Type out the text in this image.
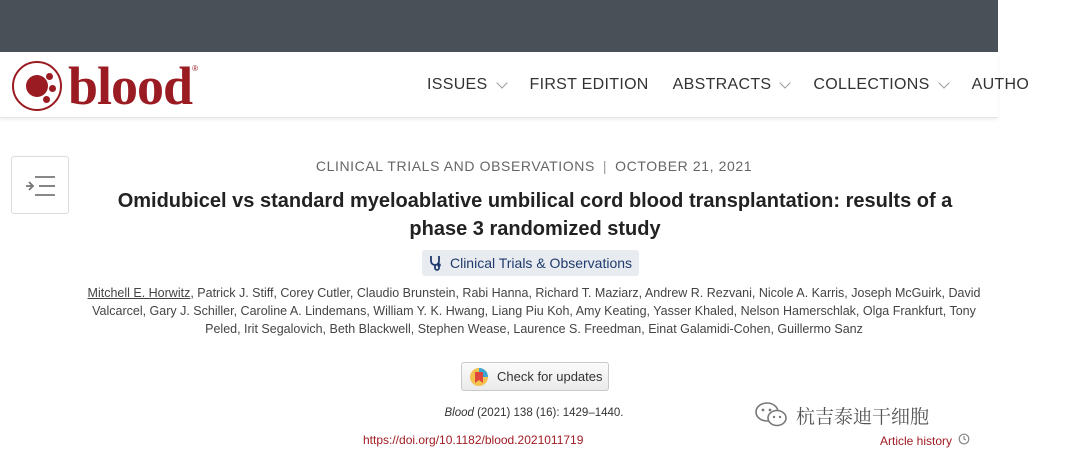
blood ®
ISSUES	FIRST EDITION ABSTRACTS	COLLECTIONS	AUTHO
CLINICAL TRIALS AND OBSERVATIONS | OCTOBER 21, 2021
Omidubicel vs standard myeloablative umbilical cord blood transplantation: results of a phase 3 randomized study
Clinical Trials & Observations
Mitchell E. Horwitz, Patrick J. Stiff, Corey Cutler, Claudio Brunstein, Rabi Hanna, Richard T. Maziarz, Andrew R. Rezvani, Nicole A. Karris, Joseph McGuirk, David Valcarcel, Gary J. Schiller, Caroline A. Lindemans, William Y. K. Hwang, Liang Piu Koh, Amy Keating, Yasser Khaled, Nelson Hamerschlak, Olga Frankfurt, Tony Peled, Irit Segalovich, Beth Blackwell, Stephen Wease, Laurence S. Freedman, Einat Galamidi-Cohen, Guillermo Sanz
Check for updates
Blood (2021) 138 (16): 1429–1440.
https://doi.org/10.1182/blood.2021011719	Article history
杭吉泰迪干细胞
